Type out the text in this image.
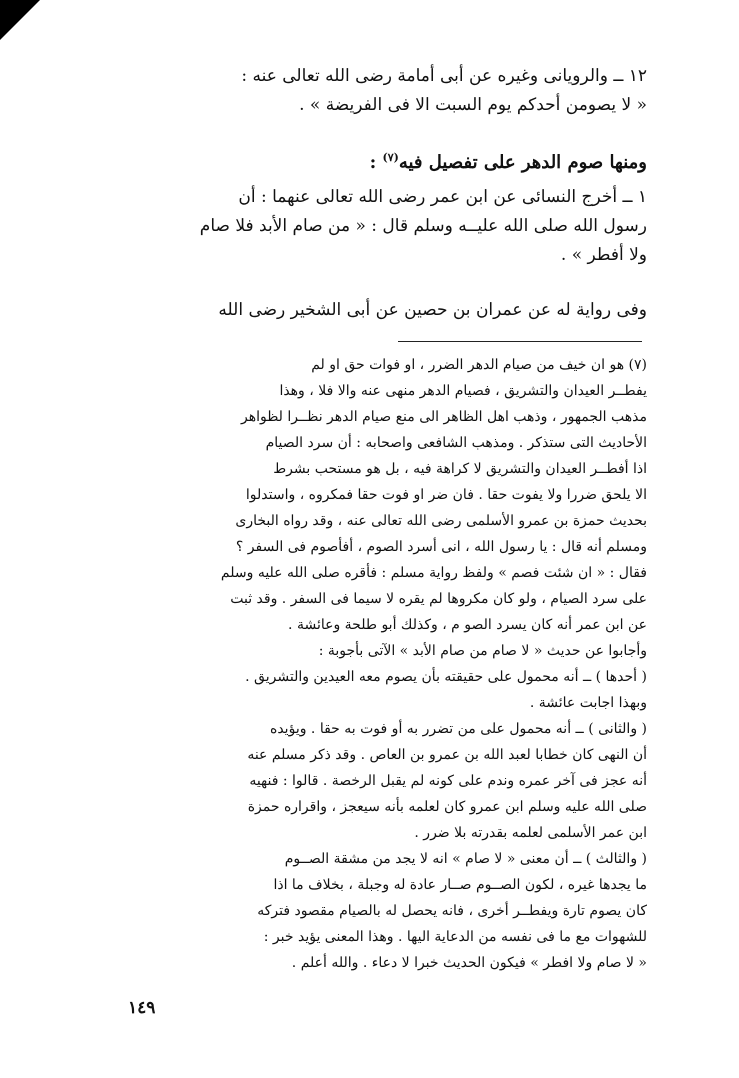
١٢ ــ والرويانى وغيره عن أبى أمامة رضى الله تعالى عنه :
« لا يصومن أحدكم يوم السبت الا فى الفريضة » .
ومنها صوم الدهر على تفصيل فيه$^{(٧)}$ :
١ ــ أخرج النسائى عن ابن عمر رضى الله تعالى عنهما : أن
رسول الله صلى الله عليــه وسلم قال : « من صام الأبد فلا صام
ولا أفطر » .
وفى رواية له عن عمران بن حصين عن أبى الشخير رضى الله
(٧) هو ان خيف من صيام الدهر الضرر ، او فوات حق او لم
يفطــر العيدان والتشريق ، فصيام الدهر منهى عنه والا فلا ، وهذا
مذهب الجمهور ، وذهب اهل الظاهر الى منع صيام الدهر نظــرا لظواهر
الأحاديث التى ستذكر . ومذهب الشافعى واصحابه : أن سرد الصيام
اذا أفطــر العيدان والتشريق لا كراهة فيه ، بل هو مستحب بشرط
الا يلحق ضررا ولا يفوت حقا . فان ضر او فوت حقا فمكروه ، واستدلوا
بحديث حمزة بن عمرو الأسلمى رضى الله تعالى عنه ، وقد رواه البخارى
ومسلم أنه قال : يا رسول الله ، انى أسرد الصوم ، أفأصوم فى السفر ؟
فقال : « ان شئت فصم » ولفظ رواية مسلم : فأقره صلى الله عليه وسلم
على سرد الصيام ، ولو كان مكروها لم يقره لا سيما فى السفر . وقد ثبت
عن ابن عمر أنه كان يسرد الصو م ، وكذلك أبو طلحة وعائشة .
وأجابوا عن حديث « لا صام من صام الأبد » الآتى بأجوبة :
( أحدها ) ــ أنه محمول على حقيقته بأن يصوم معه العيدين والتشريق .
وبهذا اجابت عائشة .
( والثانى ) ــ أنه محمول على من تضرر به أو فوت به حقا . ويؤيده
أن النهى كان خطابا لعبد الله بن عمرو بن العاص . وقد ذكر مسلم عنه
أنه عجز فى آخر عمره وندم على كونه لم يقبل الرخصة . قالوا : فنهيه
صلى الله عليه وسلم ابن عمرو كان لعلمه بأنه سيعجز ، واقراره حمزة
ابن عمر الأسلمى لعلمه بقدرته بلا ضرر .
( والثالث ) ــ أن معنى « لا صام » انه لا يجد من مشقة الصــوم
ما يجدها غيره ، لكون الصــوم صــار عادة له وجبلة ، بخلاف ما اذا
كان يصوم تارة ويفطــر أخرى ، فانه يحصل له بالصيام مقصود فتركه
للشهوات مع ما فى نفسه من الدعاية اليها . وهذا المعنى يؤيد خبر :
« لا صام ولا افطر » فيكون الحديث خبرا لا دعاء . والله أعلم .
١٤٩
